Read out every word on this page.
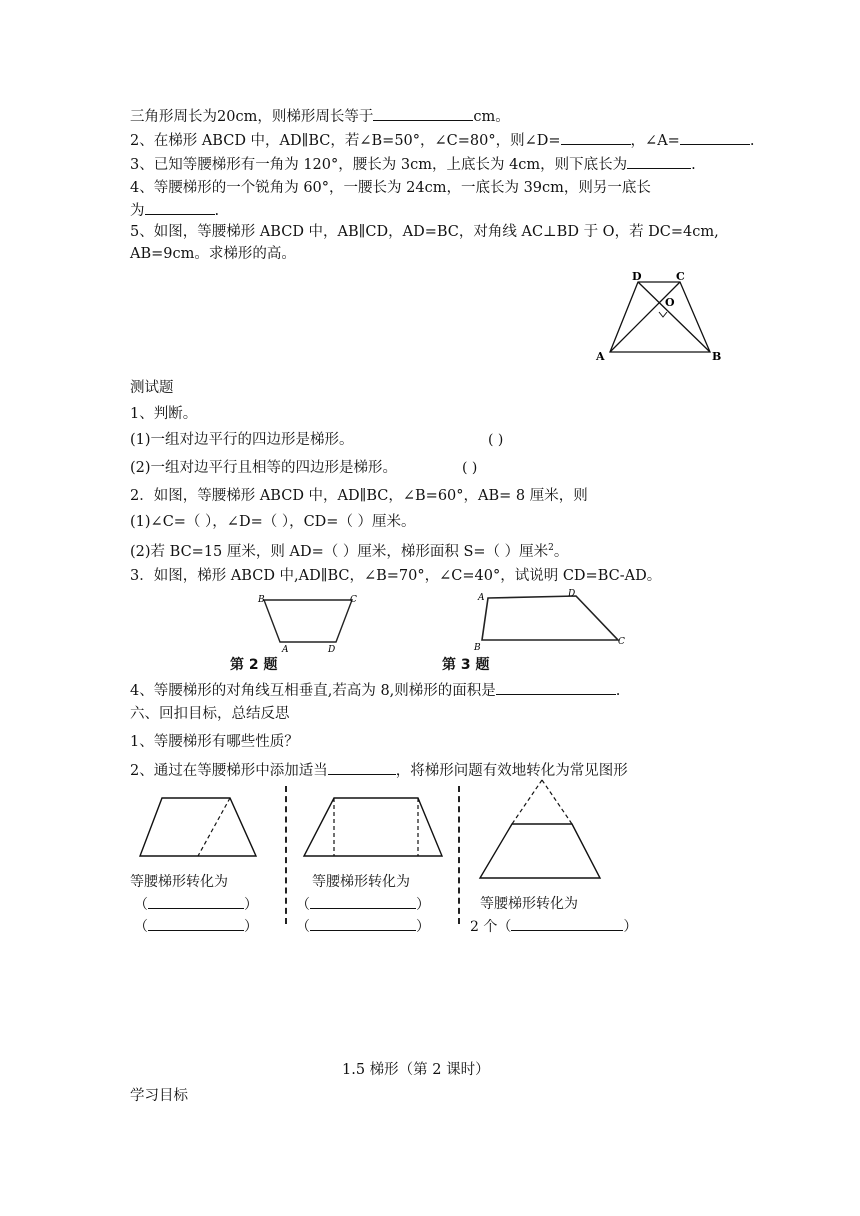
三角形周长为20cm，则梯形周长等于	cm。
2、在梯形 ABCD 中，AD∥BC，若∠B=50°，∠C=80°，则∠D=	，∠A=	.
3、已知等腰梯形有一角为 120°，腰长为 3cm，上底长为 4cm，则下底长为	.
4、等腰梯形的一个锐角为 60°，一腰长为 24cm，一底长为 39cm，则另一底长
为	.
5、如图，等腰梯形 ABCD 中，AB∥CD，AD=BC，对角线 AC⊥BD 于 O，若 DC=4cm,
AB=9cm。求梯形的高。
D	C
O
A	B
测试题
1、判断。
(1)一组对边平行的四边形是梯形。	( )
(2)一组对边平行且相等的四边形是梯形。	( )
2．如图，等腰梯形 ABCD 中，AD∥BC，∠B=60°，AB= 8 厘米，则
(1)∠C=（ ），∠D=（ ），CD=（ ）厘米。
(2)若 BC=15 厘米，则 AD=（ ）厘米，梯形面积 S=（ ）厘米$^2$。
3．如图，梯形 ABCD 中,AD∥BC，∠B=70°，∠C=40°，试说明 CD=BC-AD。
B	C
A	D
第 2 题
A	D
B
C
第 3 题
4、等腰梯形的对角线互相垂直,若高为 8,则梯形的面积是	.
六、回扣目标，总结反思
1、等腰梯形有哪些性质？
2、通过在等腰梯形中添加适当	，将梯形问题有效地转化为常见图形
等腰梯形转化为
（	）
（	）
等腰梯形转化为
（	）
（	）
等腰梯形转化为
2 个（	）
1.5 梯形（第 2 课时）
学习目标
